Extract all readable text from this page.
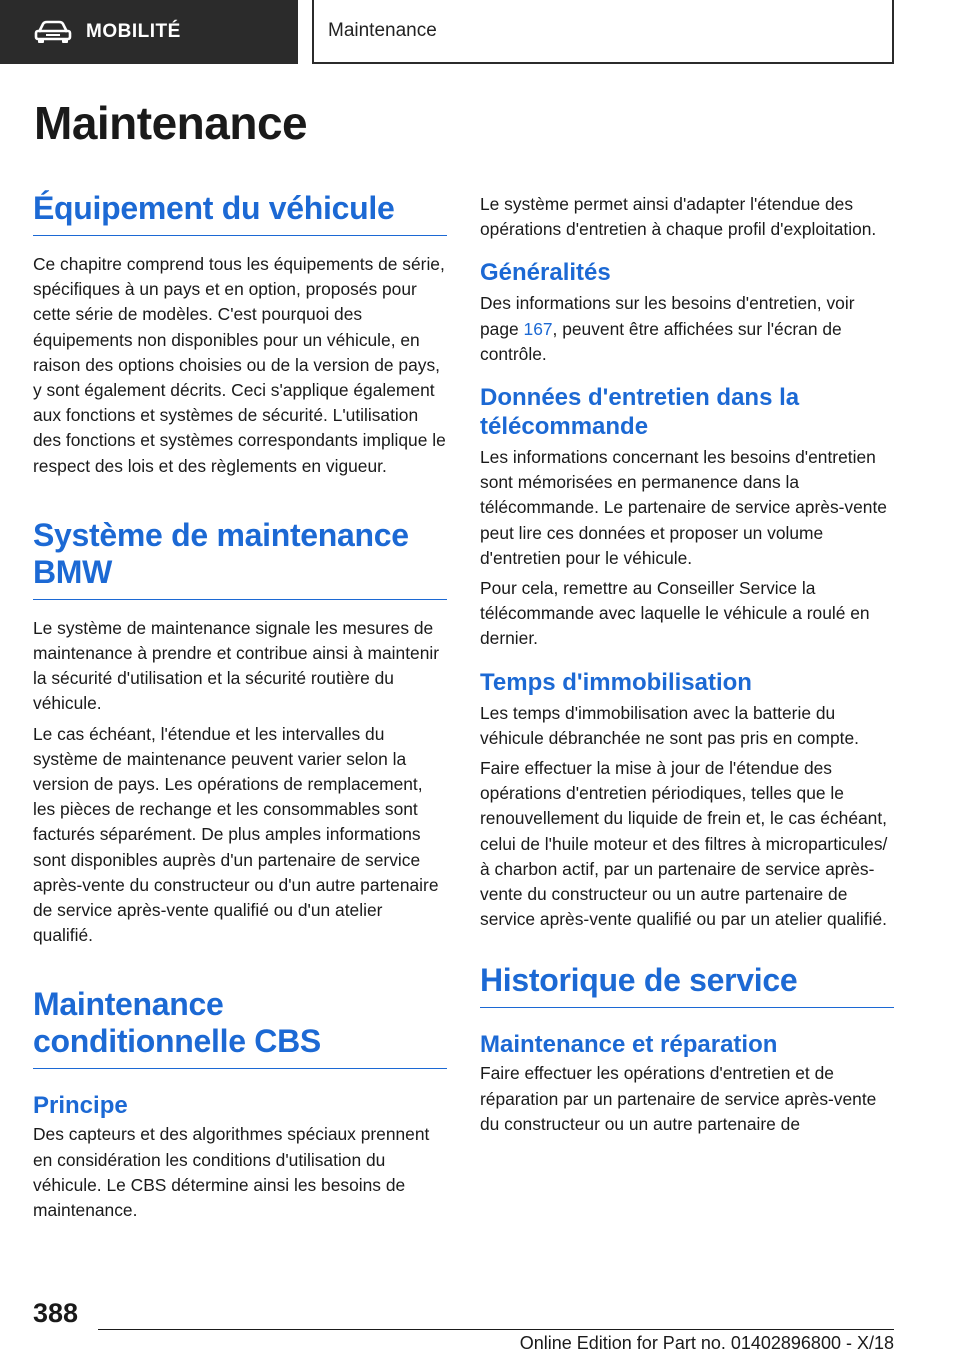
MOBILITÉ	Maintenance
Maintenance
Équipement du véhicule

Ce chapitre comprend tous les équipements de série, spécifiques à un pays et en option, proposés pour cette série de modèles. C'est pourquoi des équipements non disponibles pour un véhicule, en raison des options choisies ou de la version de pays, y sont également décrits. Ceci s'applique également aux fonctions et systèmes de sécurité. L'utilisation des fonctions et systèmes correspondants implique le respect des lois et des règlements en vigueur.

Système de maintenance
BMW

Le système de maintenance signale les mesures de maintenance à prendre et contribue ainsi à maintenir la sécurité d'utilisation et la sécurité routière du véhicule.

Le cas échéant, l'étendue et les intervalles du système de maintenance peuvent varier selon la version de pays. Les opérations de remplacement, les pièces de rechange et les consommables sont facturés séparément. De plus amples informations sont disponibles auprès d'un partenaire de service après-vente du constructeur ou d'un autre partenaire de service après-vente qualifié ou d'un atelier qualifié.

Maintenance
conditionnelle CBS
Principe

Des capteurs et des algorithmes spéciaux prennent en considération les conditions d'utilisation du véhicule. Le CBS détermine ainsi les besoins de maintenance.

Le système permet ainsi d'adapter l'étendue des opérations d'entretien à chaque profil d'exploitation.

Généralités

Des informations sur les besoins d'entretien, voir page 167, peuvent être affichées sur l'écran de contrôle.

Données d'entretien dans la
télécommande

Les informations concernant les besoins d'entretien sont mémorisées en permanence dans la télécommande. Le partenaire de service après-vente peut lire ces données et proposer un volume d'entretien pour le véhicule.

Pour cela, remettre au Conseiller Service la télécommande avec laquelle le véhicule a roulé en dernier.

Temps d'immobilisation

Les temps d'immobilisation avec la batterie du véhicule débranchée ne sont pas pris en compte.

Faire effectuer la mise à jour de l'étendue des opérations d'entretien périodiques, telles que le renouvellement du liquide de frein et, le cas échéant, celui de l'huile moteur et des filtres à microparticules/à charbon actif, par un partenaire de service après-vente du constructeur ou un autre partenaire de service après-vente qualifié ou par un atelier qualifié.

Historique de service
Maintenance et réparation

Faire effectuer les opérations d'entretien et de réparation par un partenaire de service après-vente du constructeur ou un autre partenaire de

388
Online Edition for Part no. 01402896800 - X/18
